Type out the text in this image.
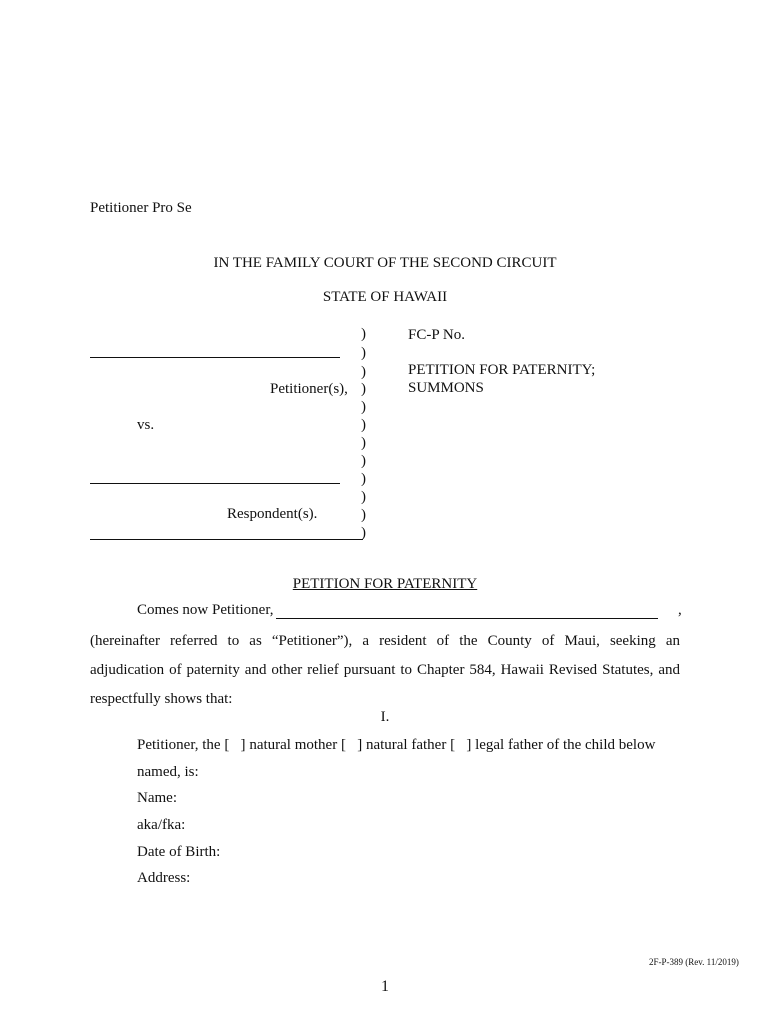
Petitioner Pro Se
IN THE FAMILY COURT OF THE SECOND CIRCUIT
STATE OF HAWAII
)
)
)
)
)
)
)
)
)
)
)
)
Petitioner(s),
vs.
Respondent(s).
FC-P No.
PETITION FOR PATERNITY;
SUMMONS
PETITION FOR PATERNITY
Comes now Petitioner,	,
(hereinafter referred to as “Petitioner”), a resident of the County of Maui, seeking an
adjudication of paternity and other relief pursuant to Chapter 584, Hawaii Revised Statutes, and
respectfully shows that:
I.
Petitioner, the [   ] natural mother [   ] natural father [   ] legal father of the child below
named, is:
Name:
aka/fka:
Date of Birth:
Address:
2F-P-389 (Rev. 11/2019)
1
